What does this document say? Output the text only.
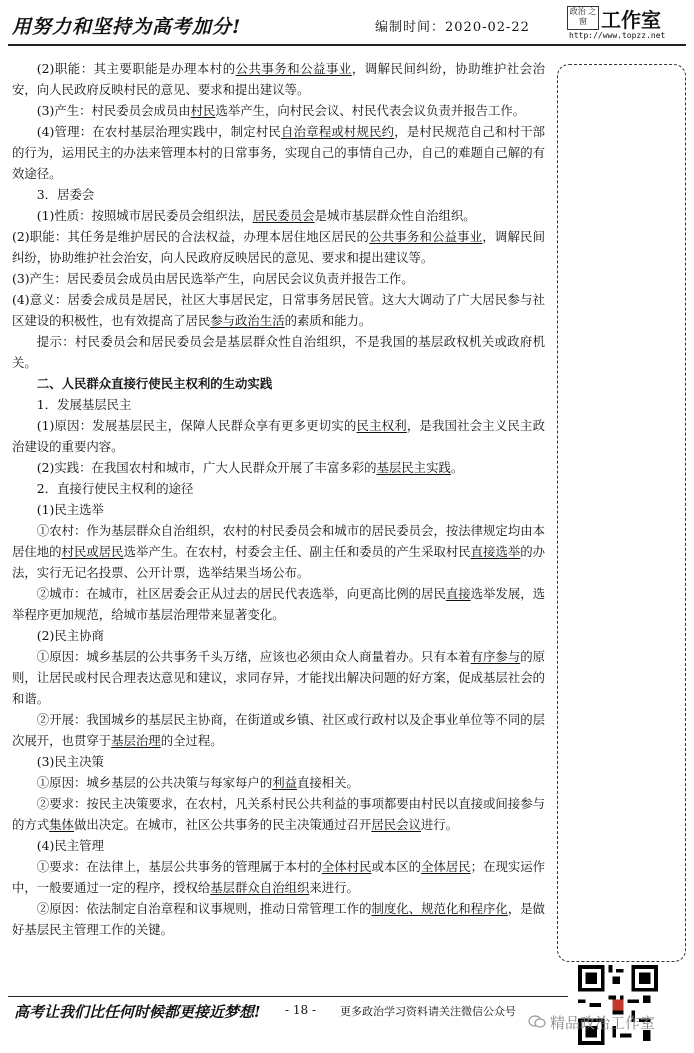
用努力和坚持为高考加分!	编制时间：2020-02-22
政治 之窗 工作室
http://www.topzz.net

(2)职能：其主要职能是办理本村的公共事务和公益事业，调解民间纠纷，协助维护社会治安，向人民政府反映村民的意见、要求和提出建议等。

(3)产生：村民委员会成员由村民选举产生，向村民会议、村民代表会议负责并报告工作。

(4)管理：在农村基层治理实践中，制定村民自治章程或村规民约，是村民规范自己和村干部的行为，运用民主的办法来管理本村的日常事务，实现自己的事情自己办，自己的难题自己解的有效途径。

3．居委会

(1)性质：按照城市居民委员会组织法，居民委员会是城市基层群众性自治组织。

(2)职能：其任务是维护居民的合法权益，办理本居住地区居民的公共事务和公益事业，调解民间纠纷，协助维护社会治安，向人民政府反映居民的意见、要求和提出建议等。

(3)产生：居民委员会成员由居民选举产生，向居民会议负责并报告工作。

(4)意义：居委会成员是居民，社区大事居民定，日常事务居民管。这大大调动了广大居民参与社区建设的积极性，也有效提高了居民参与政治生活的素质和能力。

提示：村民委员会和居民委员会是基层群众性自治组织，不是我国的基层政权机关或政府机关。

二、人民群众直接行使民主权利的生动实践

1．发展基层民主

(1)原因：发展基层民主，保障人民群众享有更多更切实的民主权利，是我国社会主义民主政治建设的重要内容。

(2)实践：在我国农村和城市，广大人民群众开展了丰富多彩的基层民主实践。

2．直接行使民主权利的途径

(1)民主选举

①农村：作为基层群众自治组织，农村的村民委员会和城市的居民委员会，按法律规定均由本居住地的村民或居民选举产生。在农村，村委会主任、副主任和委员的产生采取村民直接选举的办法，实行无记名投票、公开计票，选举结果当场公布。

②城市：在城市，社区居委会正从过去的居民代表选举，向更高比例的居民直接选举发展，选举程序更加规范，给城市基层治理带来显著变化。

(2)民主协商

①原因：城乡基层的公共事务千头万绪，应该也必须由众人商量着办。只有本着有序参与的原则，让居民或村民合理表达意见和建议，求同存异，才能找出解决问题的好方案，促成基层社会的和谐。

②开展：我国城乡的基层民主协商，在街道或乡镇、社区或行政村以及企事业单位等不同的层次展开，也贯穿于基层治理的全过程。

(3)民主决策

①原因：城乡基层的公共决策与每家每户的利益直接相关。

②要求：按民主决策要求，在农村，凡关系村民公共利益的事项都要由村民以直接或间接参与的方式集体做出决定。在城市，社区公共事务的民主决策通过召开居民会议进行。

(4)民主管理

①要求：在法律上，基层公共事务的管理属于本村的全体村民或本区的全体居民；在现实运作中，一般要通过一定的程序，授权给基层群众自治组织来进行。

②原因：依法制定自治章程和议事规则，推动日常管理工作的制度化、规范化和程序化，是做好基层民主管理工作的关键。

高考让我们比任何时候都更接近梦想! - 18 - 更多政治学习资料请关注微信公众号
精品政治工作室
